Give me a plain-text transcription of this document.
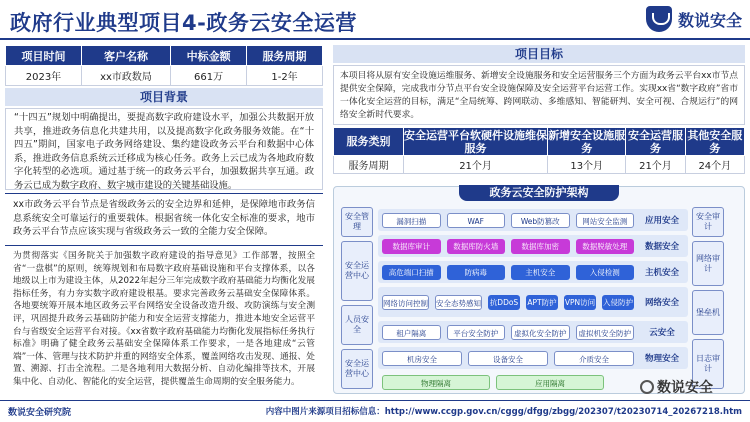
政府行业典型项目4-政务云安全运营	数说安全
项目时间	客户名称	中标金额	服务周期
2023年	xx市政数局	661万	1-2年
项目背景
“十四五”规划中明确提出，要提高数字政府建设水平，加强公共数据开放共享，推进政务信息化共建共用，以及提高数字化政务服务效能。在“十四五”期间，国家电子政务网络建设、集约建设政务云平台和数据中心体系，推进政务信息系统云迁移成为核心任务。政务上云已成为各地政府数字化转型的必选项。通过基于统一的政务云平台，加强数据共享互通。政务云已成为数字政府、数字城市建设的关键基础设施。
xx市政务云平台节点是省级政务云的安全边界和延伸，是保障地市政务信息系统安全可靠运行的重要载体。根据省统一体化安全标准的要求，地市政务云平台节点应该实现与省级政务云一致的全能力安全保障。
为贯彻落实《国务院关于加强数字政府建设的指导意见》工作部署，按照全省“一盘棋”的原则，统筹规划和布局数字政府基础设施和平台支撑体系，以各地级以上市为建设主体，从2022年起分三年完成数字政府基础能力均衡化发展指标任务，有力夯实数字政府建设根基。要求完善政务云基础安全保障体系。各地要统筹开展本地区政务云平台网络安全设备改造升级、攻防演练与安全测评，巩固提升政务云基础防护能力和安全运营支撑能力，推进本地安全运营平台与省级安全运营平台对接。《xx省数字政府基础能力均衡化发展指标任务执行标准》明确了健全政务云基础安全保障体系工作要求，一是各地建成“云管端”一体、管理与技术防护并重的网络安全体系，覆盖网络攻击发现、通报、处置、溯源、打击全流程。二是各地利用大数据分析、自动化编排等技术，开展集中化、自动化、智能化的安全运营，提供覆盖生命周期的安全服务能力。
项目目标
本项目将从原有安全设施运维服务、新增安全设施服务和安全运营服务三个方面为政务云平台xx市节点提供安全保障，完成我市分节点平台安全设施保障及安全运营平台运营工作。实现xx省“数字政府”省市一体化安全运营的目标，满足“全局统筹、跨网联动、多维感知、智能研判、安全可视、合规运行”的网络安全新时代要求。
服务类别	安全运营平台软硬件设施维保服务	新增安全设施服务	安全运营服务	其他安全服务
服务周期	21个月	13个月	21个月	24个月
政务云安全防护架构
安全管理
安全运营中心
人员安全
安全运营中心
安全审计
网络审计
堡垒机
日志审计
漏洞扫描	WAF	Web防篡改	网站安全监测	应用安全
数据库审计	数据库防火墙	数据库加密	数据脱敏处理	数据安全
高危端口扫描	防病毒	主机安全	入侵检测	主机安全
网络访问控制 安全态势感知 抗DDoS APT防护 VPN访问 入侵防护	网络安全
租户隔离	平台安全防护	虚拟化安全防护	虚拟机安全防护	云安全
机房安全	设备安全	介质安全	物理安全
物理隔离	应用隔离	数说安全
数说安全研究院	内容中图片来源项目招标信息：http://www.ccgp.gov.cn/cggg/dfgg/zbgg/202307/t20230714_20267218.htm
